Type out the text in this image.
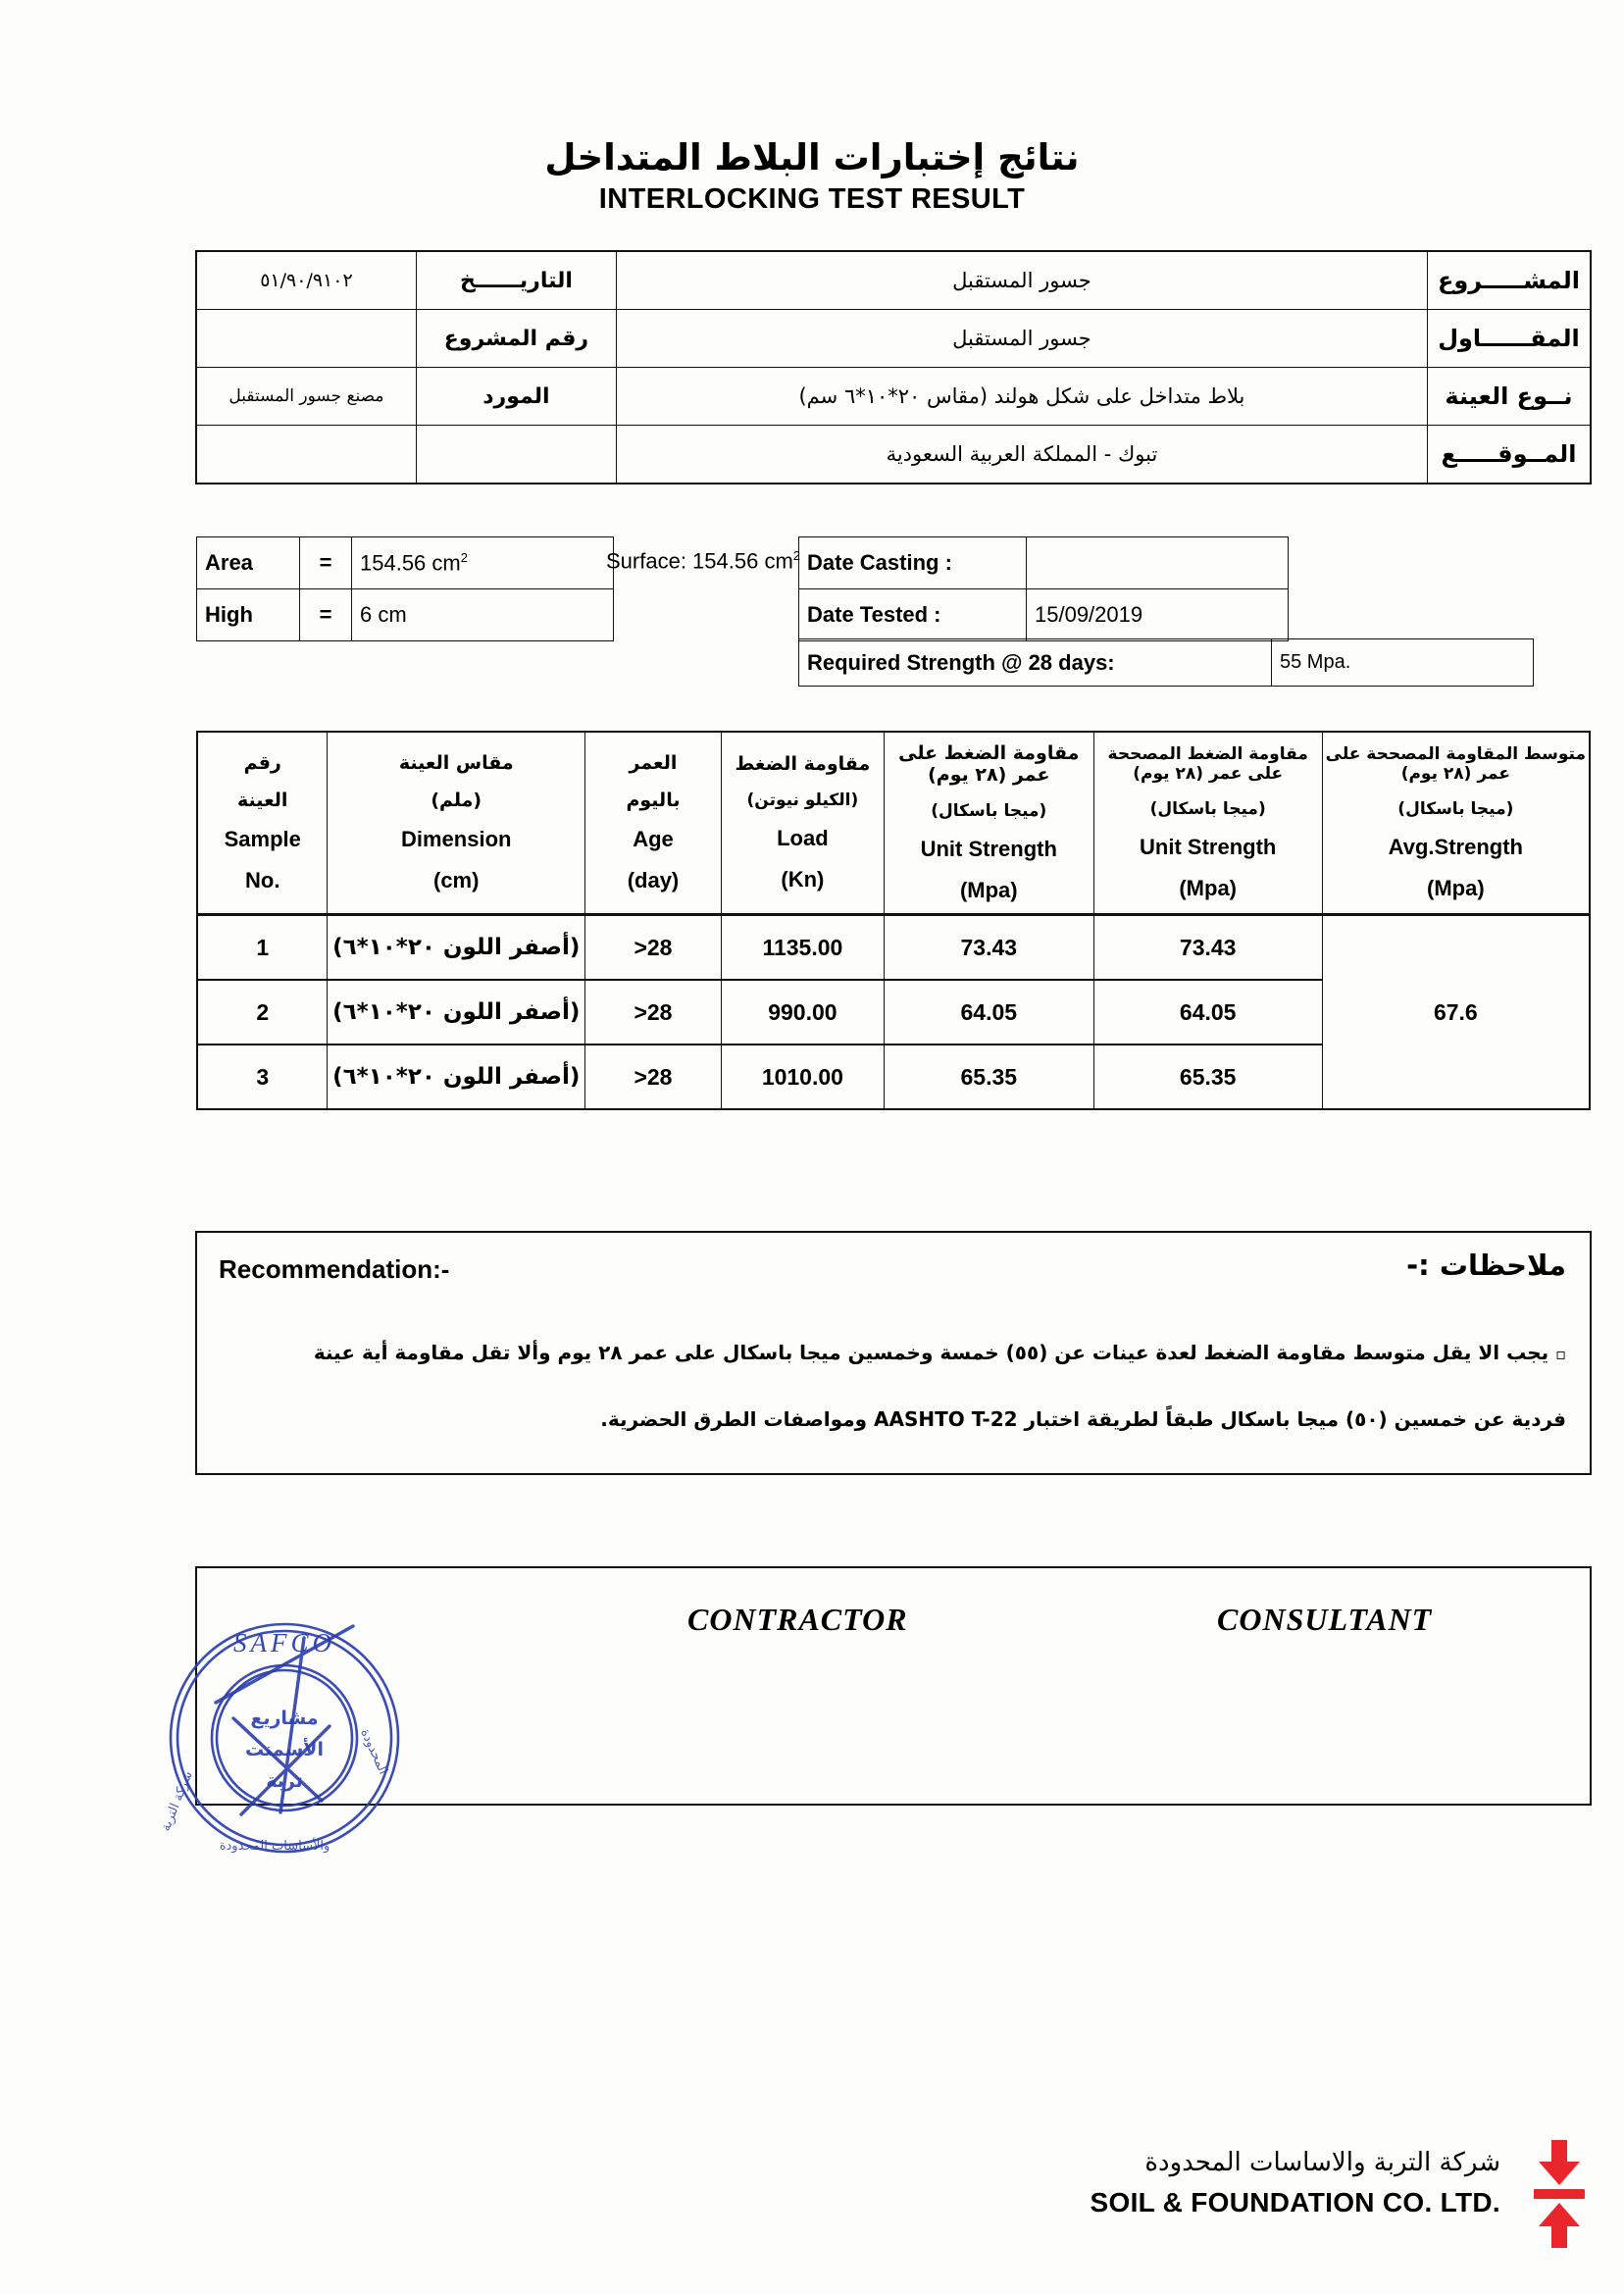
نتائج إختبارات البلاط المتداخل
INTERLOCKING TEST RESULT
٢٠١٩/٠٩/١٥	التاريــــــخ	جسور المستقبل	المشـــــروع
	رقم المشروع	جسور المستقبل	المقــــــاول
مصنع جسور المستقبل	المورد	بلاط متداخل على شكل هولند (مقاس ٢٠*١٠*٦ سم)	نــوع العينة
		تبوك - المملكة العربية السعودية	المــوقـــــع
Area	=	154.56 $cm^2$
High	=	6 cm
Surface: 154.56 $cm^2$ Date Casting :	
Date Tested :	15/09/2019
Required Strength @ 28 days:	55 Mpa.
رقم
العينة
Sample
No.	مقاس العينة
(ملم)
Dimension
(cm)	العمر
باليوم
Age
(day)	مقاومة الضغط
(الكيلو نيوتن)
Load
(Kn)	مقاومة الضغط على عمر (٢٨ يوم)
(ميجا باسكال)
Unit Strength
(Mpa)	مقاومة الضغط المصححة على عمر (٢٨ يوم)
(ميجا باسكال)
Unit Strength
(Mpa)	متوسط المقاومة المصححة على عمر (٢٨ يوم)
(ميجا باسكال)
Avg.Strength
(Mpa)

1	(أصفر اللون ٢٠*١٠*٦)	>28	1135.00	73.43	73.43	67.6
2	(أصفر اللون ٢٠*١٠*٦)	>28	990.00	64.05	64.05	
3	(أصفر اللون ٢٠*١٠*٦)	>28	1010.00	65.35	65.35	
Recommendation:-	ملاحظات :-
▫ يجب الا يقل متوسط مقاومة الضغط لعدة عينات عن (٥٥) خمسة وخمسين ميجا باسكال على عمر ٢٨ يوم وألا تقل مقاومة أية عينة
فردية عن خمسين (٥٠) ميجا باسكال طبقاً لطريقة اختبار AASHTO T-22 ومواصفات الطرق الحضرية.
CONTRACTOR	CONSULTANT
SAFCO
مشاريع
الأسمنت
تربة
شركة التربة
والأساسات المحدودة
المحدودة
شركة التربة والاساسات المحدودة
SOIL & FOUNDATION CO. LTD.
